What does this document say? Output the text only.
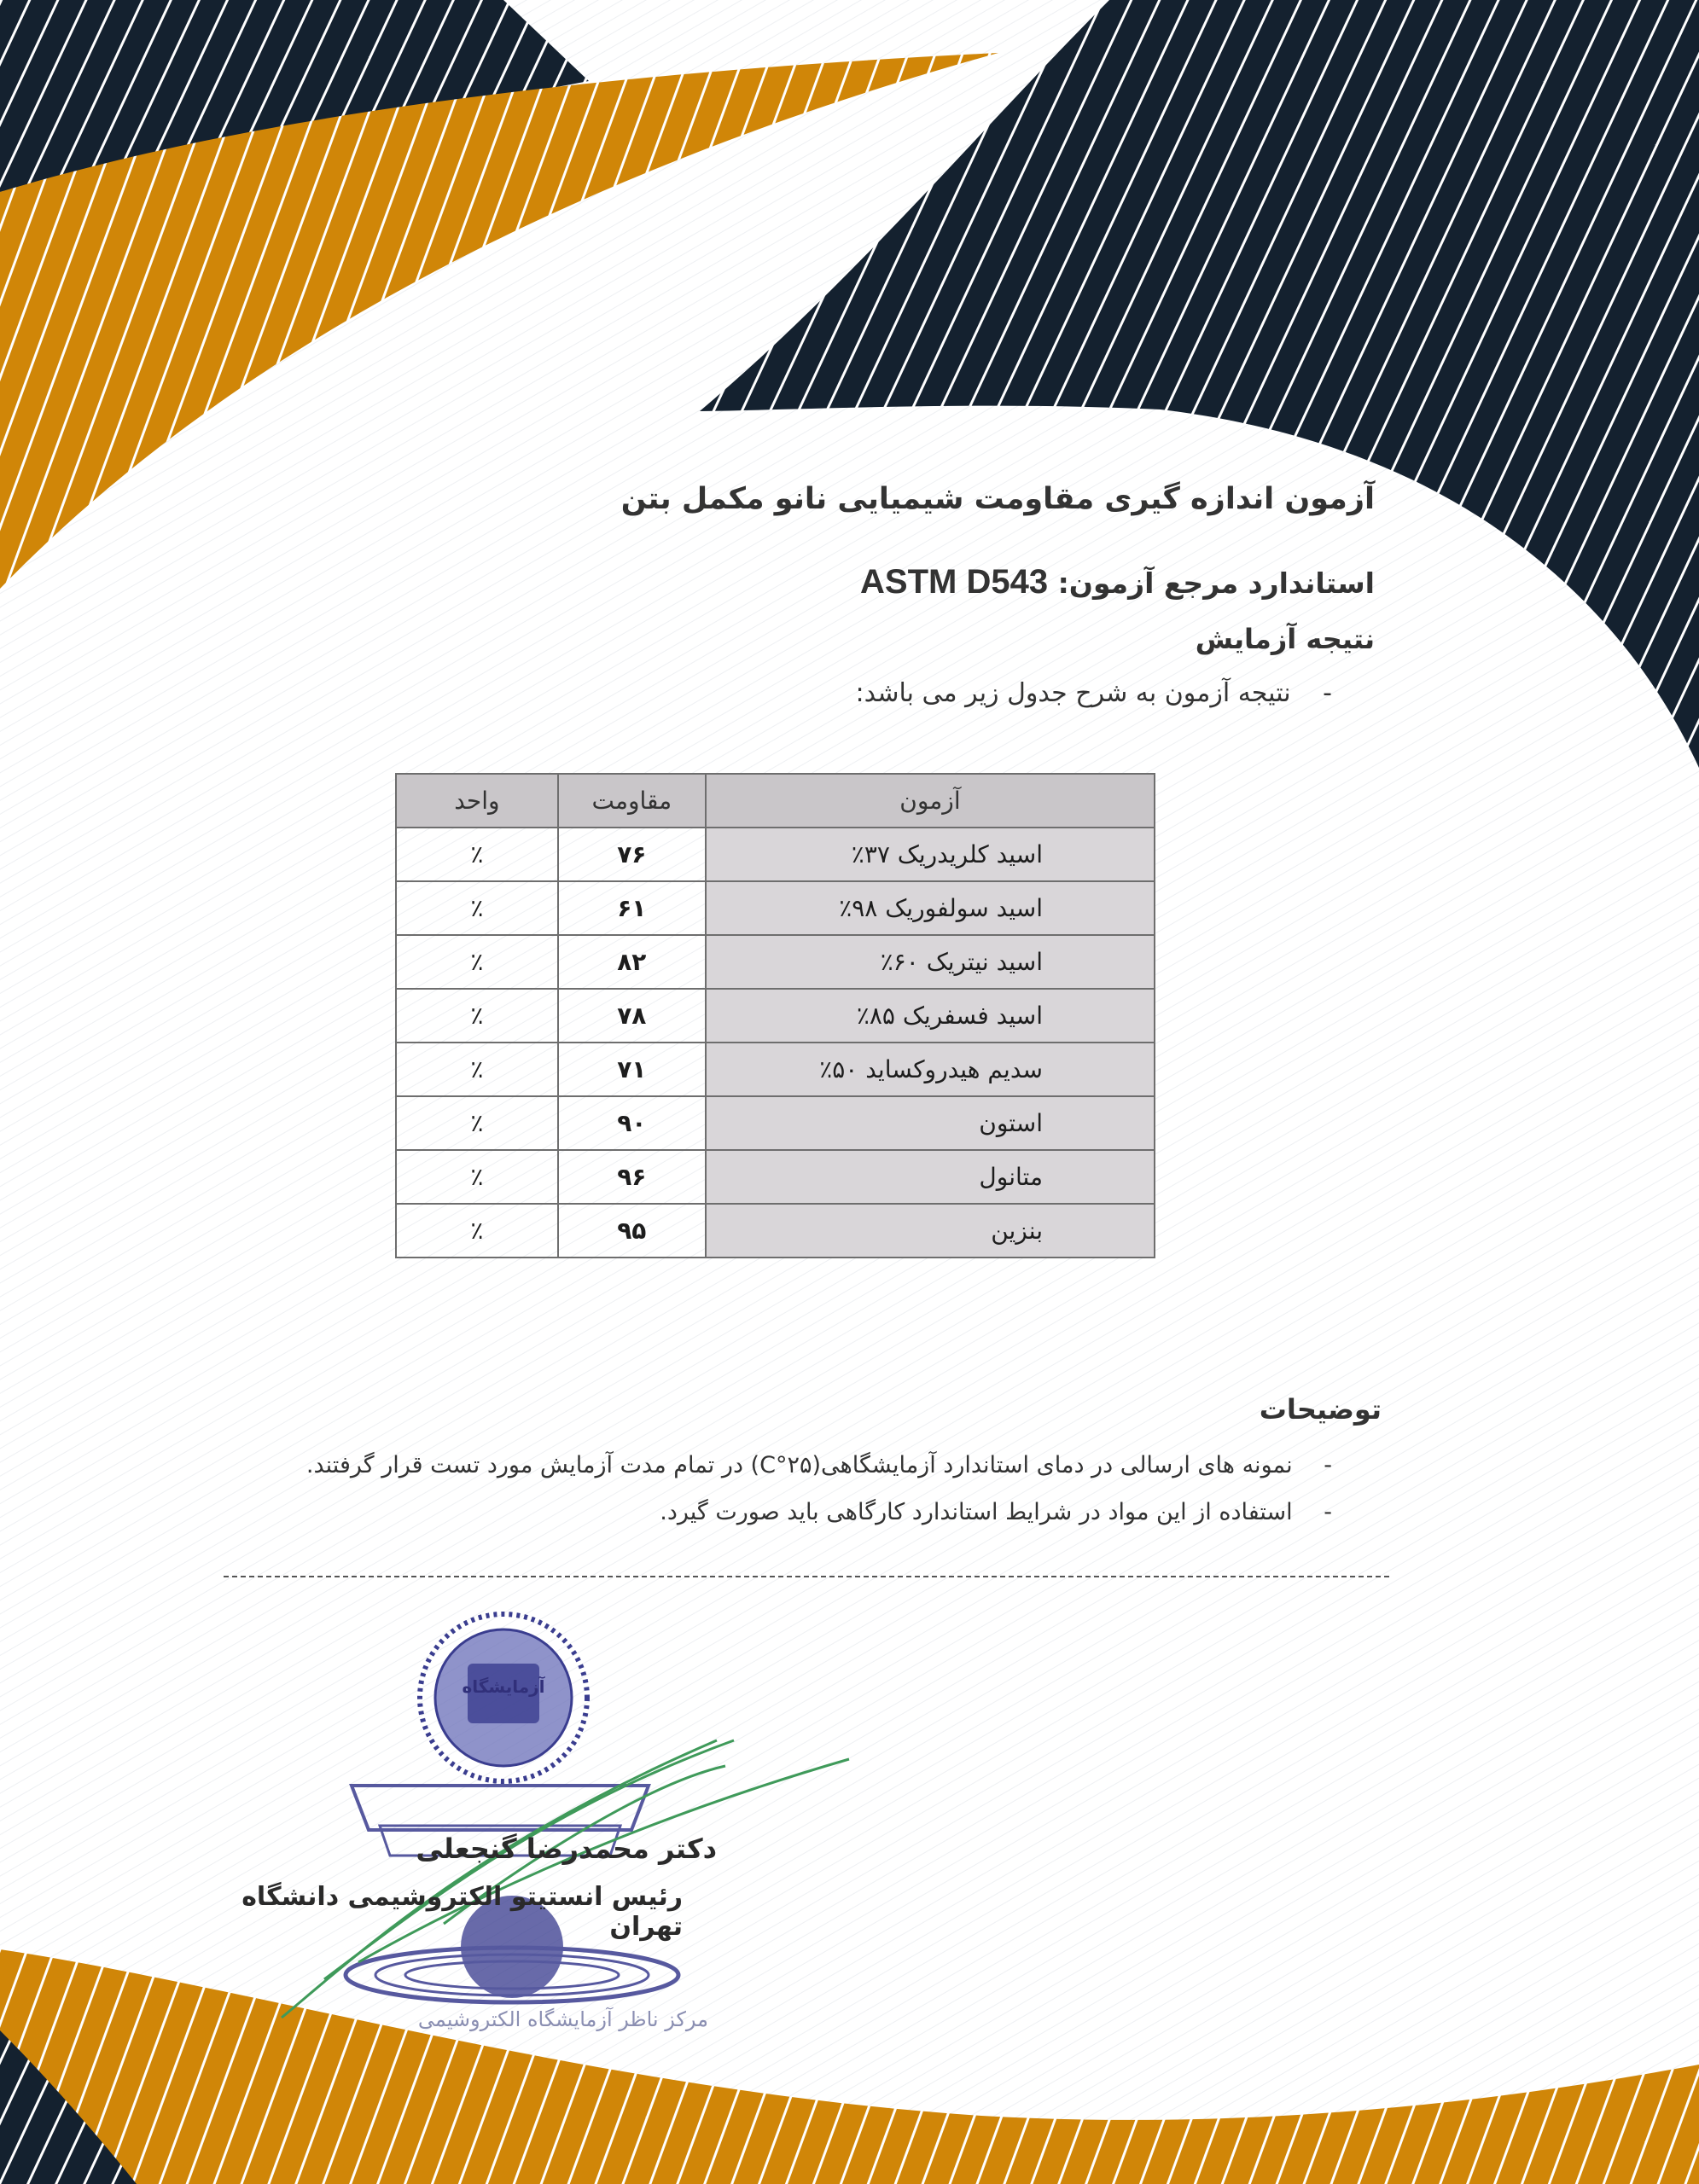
آزمون اندازه گیری مقاومت شیمیایی نانو مکمل بتن
استاندارد مرجع آزمون: ASTM D543
نتیجه آزمایش
- نتیجه آزمون به شرح جدول زیر می باشد:
آزمون	مقاومت	واحد
اسید کلریدریک ۳۷٪	۷۶	٪
اسید سولفوریک ۹۸٪	۶۱	٪
اسید نیتریک ۶۰٪	۸۲	٪
اسید فسفریک ۸۵٪	۷۸	٪
سدیم هیدروکساید ۵۰٪	۷۱	٪
استون	۹۰	٪
متانول	۹۶	٪
بنزین	۹۵	٪
توضیحات
- نمونه های ارسالی در دمای استاندارد آزمایشگاهی(۲۵°C) در تمام مدت آزمایش مورد تست قرار گرفتند.
- استفاده از این مواد در شرایط استاندارد کارگاهی باید صورت گیرد.
آزمایشگاه
دکتر محمدرضا گنجعلی
رئیس انستیتو الکتروشیمی دانشگاه تهران
مرکز ناظر آزمایشگاه الکتروشیمی
